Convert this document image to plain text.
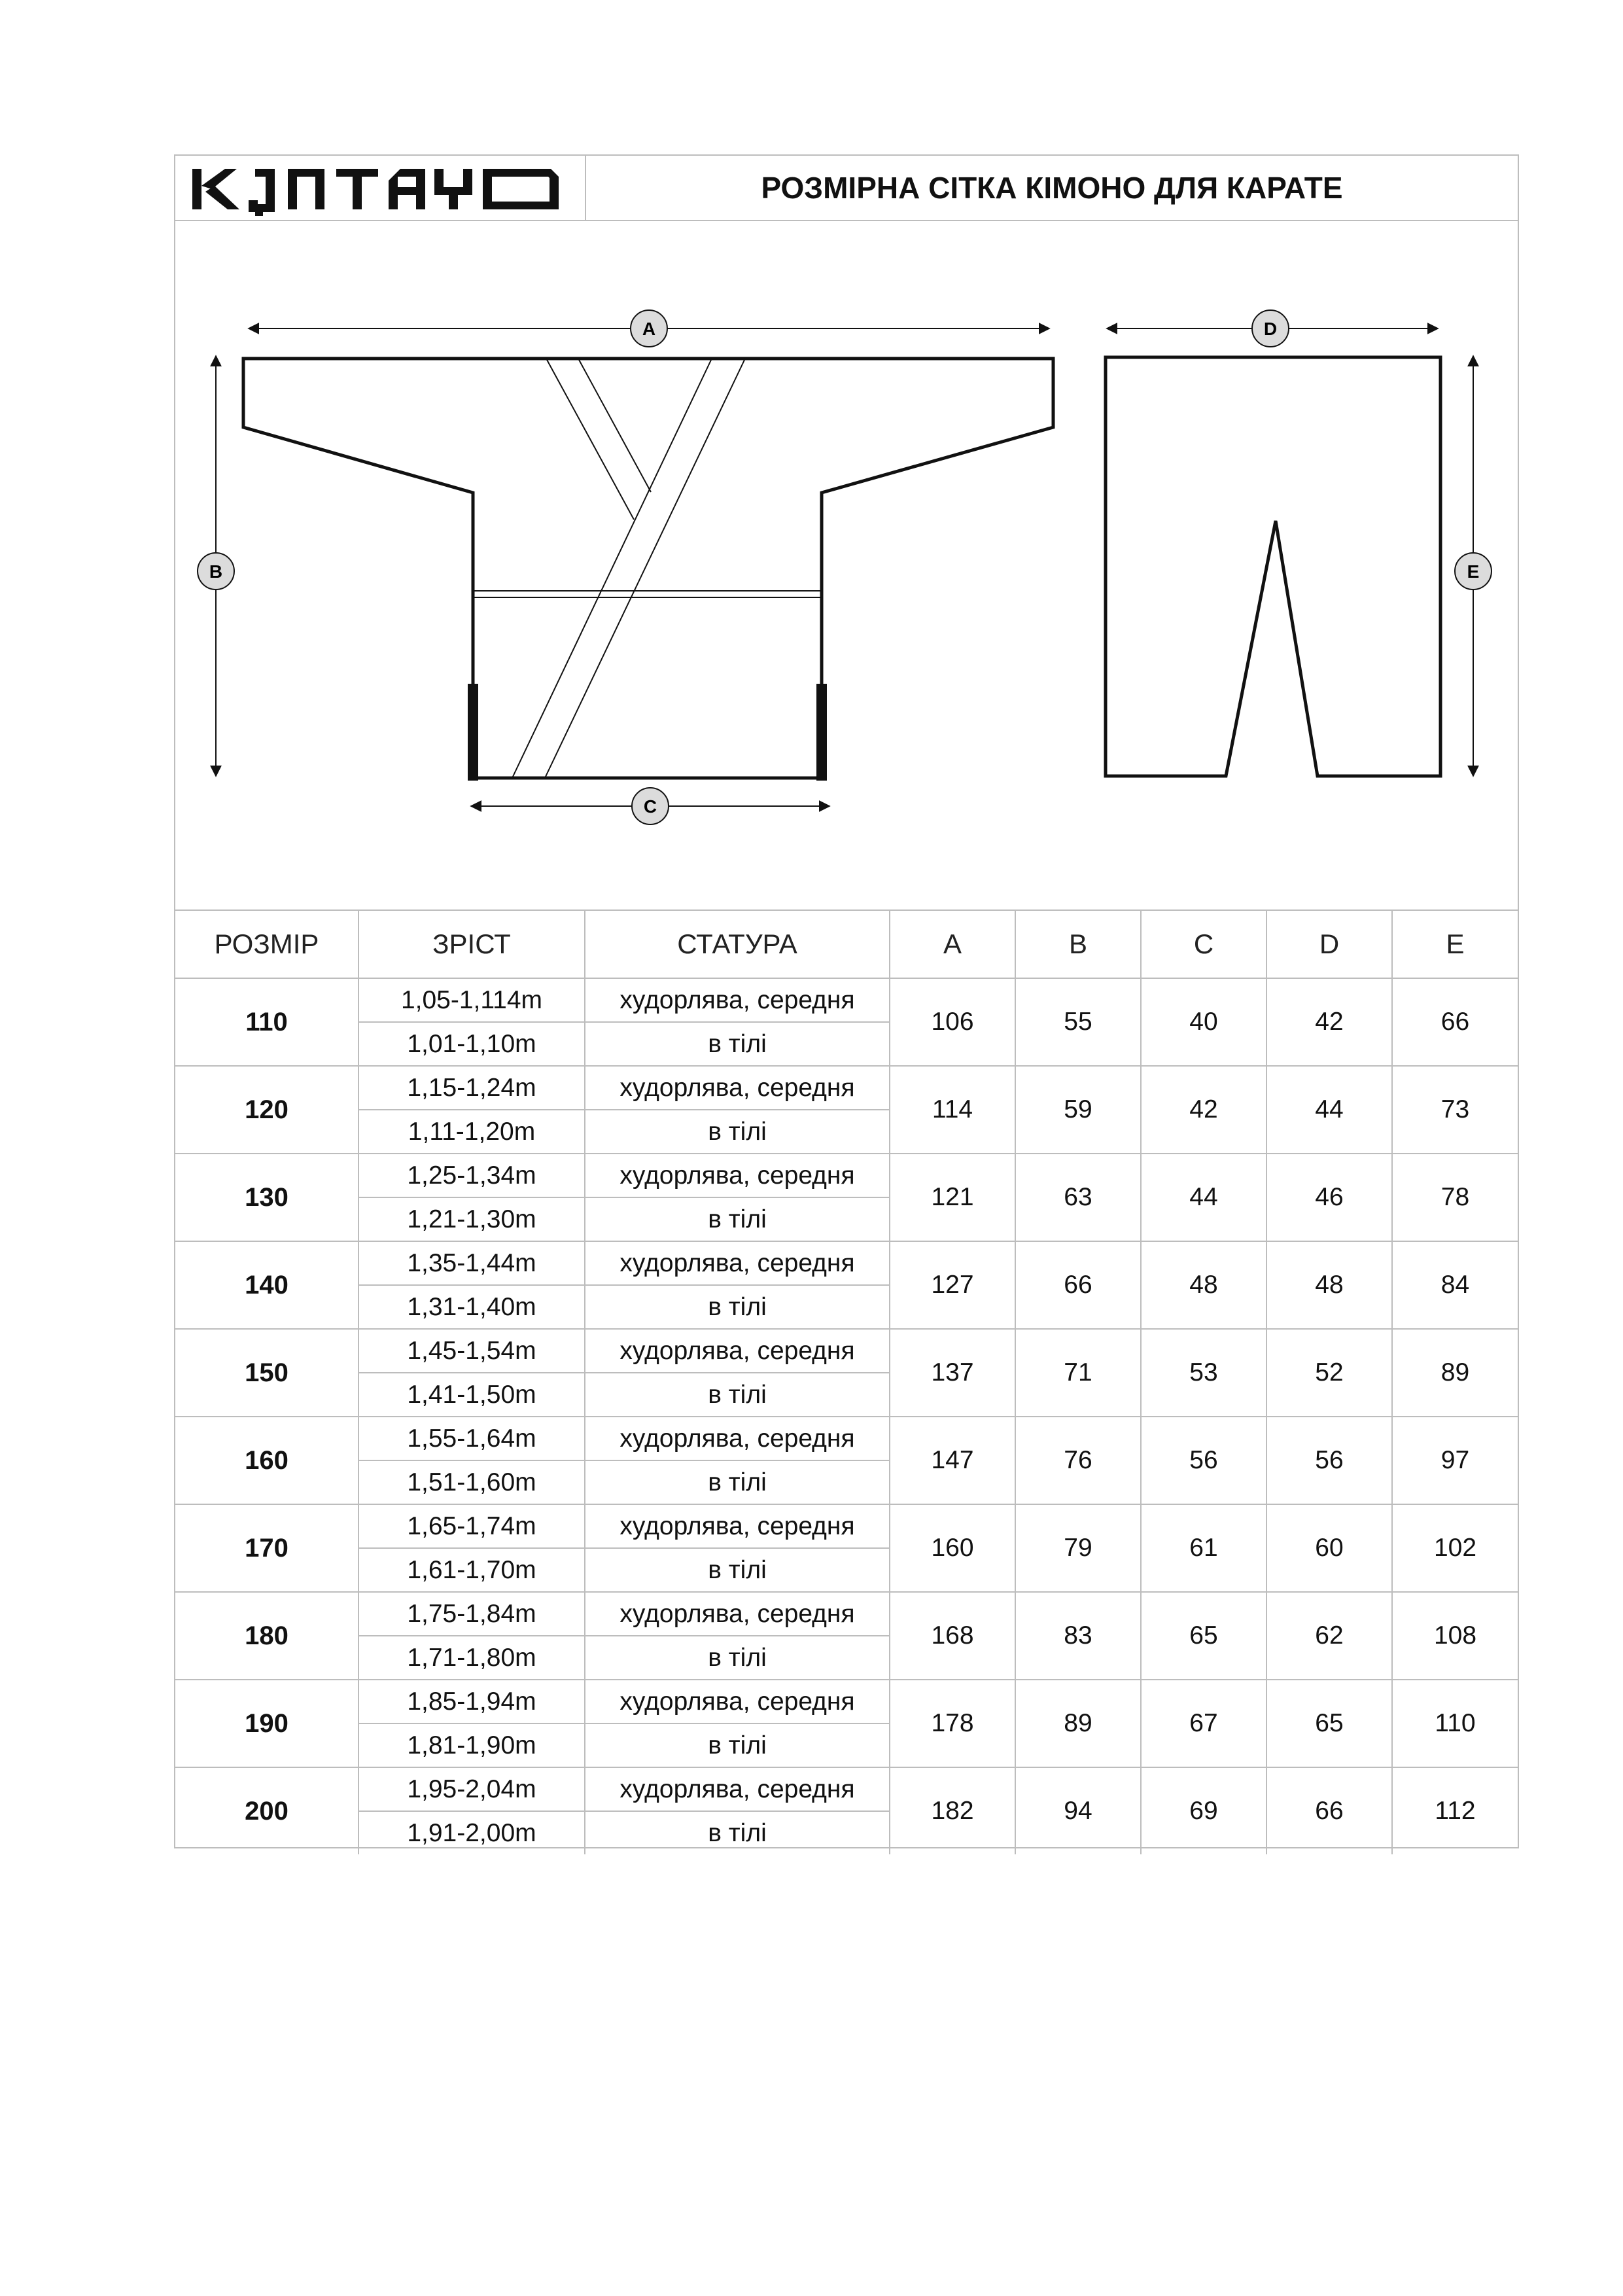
РОЗМІРНА СІТКА КІМОНО ДЛЯ КАРАТЕ
A
B
C
D
E
РОЗМІР	ЗРІСТ	СТАТУРА	A	B	C	D	E
110	1,05-1,114m	худорлява, середня	106	55	40	42	66
	1,01-1,10m	в тілі					
120	1,15-1,24m	худорлява, середня	114	59	42	44	73
	1,11-1,20m	в тілі					
130	1,25-1,34m	худорлява, середня	121	63	44	46	78
	1,21-1,30m	в тілі					
140	1,35-1,44m	худорлява, середня	127	66	48	48	84
	1,31-1,40m	в тілі					
150	1,45-1,54m	худорлява, середня	137	71	53	52	89
	1,41-1,50m	в тілі					
160	1,55-1,64m	худорлява, середня	147	76	56	56	97
	1,51-1,60m	в тілі					
170	1,65-1,74m	худорлява, середня	160	79	61	60	102
	1,61-1,70m	в тілі					
180	1,75-1,84m	худорлява, середня	168	83	65	62	108
	1,71-1,80m	в тілі					
190	1,85-1,94m	худорлява, середня	178	89	67	65	110
	1,81-1,90m	в тілі					
200	1,95-2,04m	худорлява, середня	182	94	69	66	112
	1,91-2,00m	в тілі					
